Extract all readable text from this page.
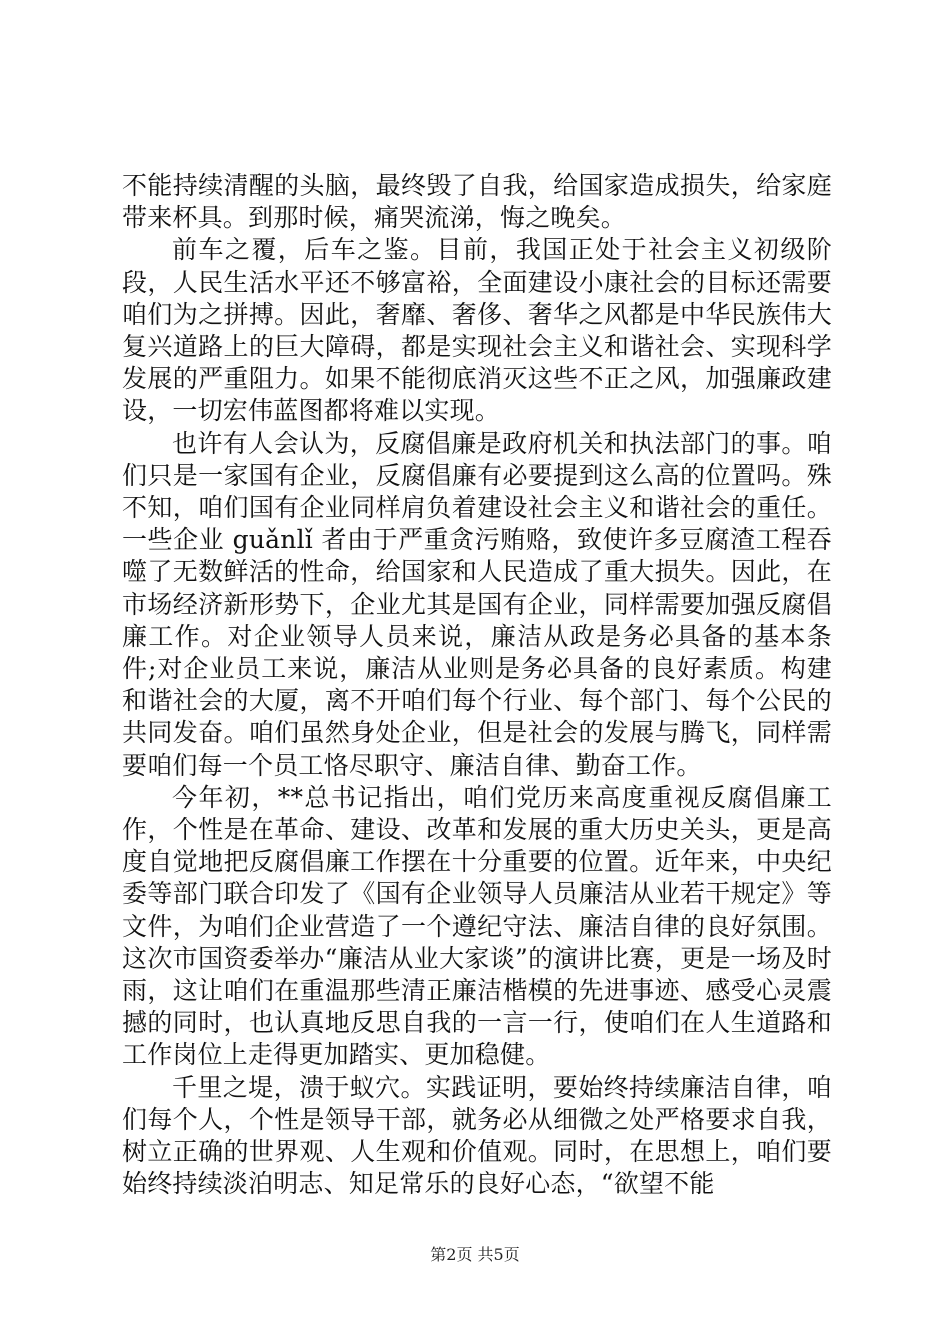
不能持续清醒的头脑，最终毁了自我，给国家造成损失，给家庭带来杯具。到那时候，痛哭流涕，悔之晚矣。

前车之覆，后车之鉴。目前，我国正处于社会主义初级阶段，人民生活水平还不够富裕，全面建设小康社会的目标还需要咱们为之拼搏。因此，奢靡、奢侈、奢华之风都是中华民族伟大复兴道路上的巨大障碍，都是实现社会主义和谐社会、实现科学发展的严重阻力。如果不能彻底消灭这些不正之风，加强廉政建设，一切宏伟蓝图都将难以实现。

也许有人会认为，反腐倡廉是政府机关和执法部门的事。咱们只是一家国有企业，反腐倡廉有必要提到这么高的位置吗。殊不知，咱们国有企业同样肩负着建设社会主义和谐社会的重任。一些企业 guǎnlǐ 者由于严重贪污贿赂，致使许多豆腐渣工程吞噬了无数鲜活的性命，给国家和人民造成了重大损失。因此，在市场经济新形势下，企业尤其是国有企业，同样需要加强反腐倡廉工作。对企业领导人员来说，廉洁从政是务必具备的基本条件;对企业员工来说，廉洁从业则是务必具备的良好素质。构建和谐社会的大厦，离不开咱们每个行业、每个部门、每个公民的共同发奋。咱们虽然身处企业，但是社会的发展与腾飞，同样需要咱们每一个员工恪尽职守、廉洁自律、勤奋工作。

今年初，**总书记指出，咱们党历来高度重视反腐倡廉工作，个性是在革命、建设、改革和发展的重大历史关头，更是高度自觉地把反腐倡廉工作摆在十分重要的位置。近年来，中央纪委等部门联合印发了《国有企业领导人员廉洁从业若干规定》等文件，为咱们企业营造了一个遵纪守法、廉洁自律的良好氛围。这次市国资委举办“廉洁从业大家谈”的演讲比赛，更是一场及时雨，这让咱们在重温那些清正廉洁楷模的先进事迹、感受心灵震撼的同时，也认真地反思自我的一言一行，使咱们在人生道路和工作岗位上走得更加踏实、更加稳健。

千里之堤，溃于蚁穴。实践证明，要始终持续廉洁自律，咱们每个人，个性是领导干部，就务必从细微之处严格要求自我，树立正确的世界观、人生观和价值观。同时，在思想上，咱们要始终持续淡泊明志、知足常乐的良好心态，“欲望不能

第2页 共5页
